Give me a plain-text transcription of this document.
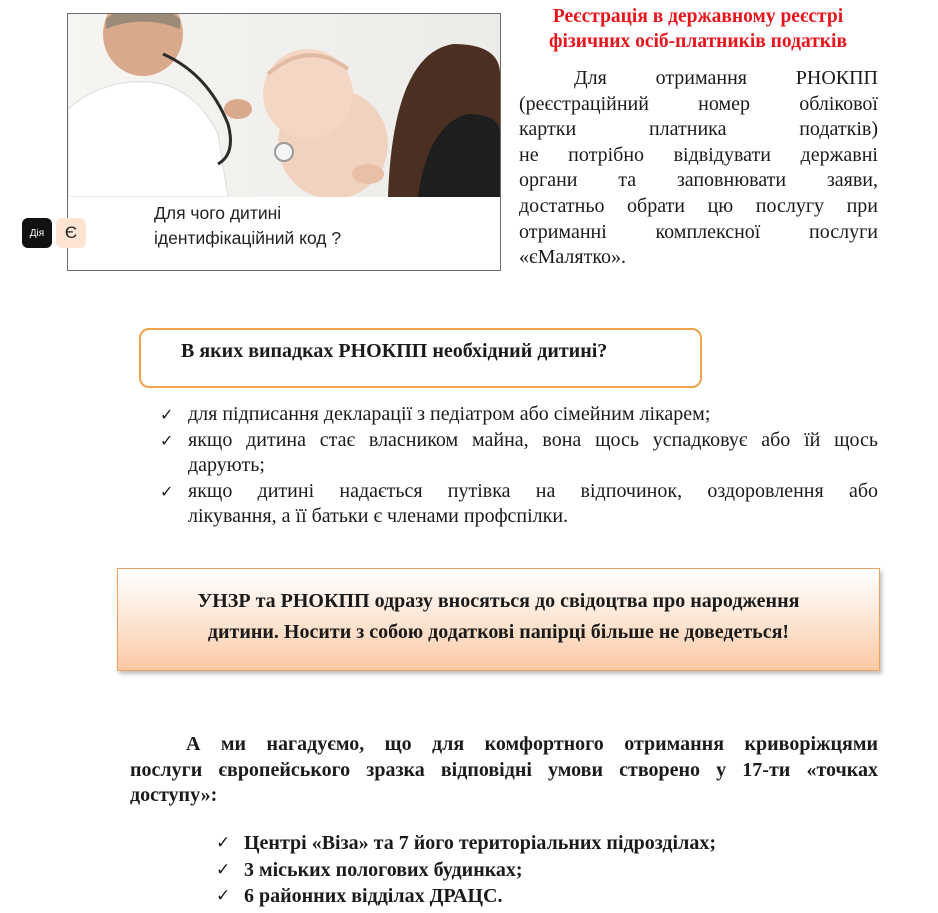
Дія	Є
Для чого дитині
ідентифікаційний код ?
Реєстрація в державному реєстрі
фізичних осіб-платників податків
Для отримання РНОКПП
(реєстраційний номер облікової
картки платника податків)
не потрібно відвідувати державні
органи та заповнювати заяви,
достатньо обрати цю послугу при
отриманні комплексної послуги
«єМалятко».
В яких випадках РНОКПП необхідний дитині?
✓ для підписання декларації з педіатром або сімейним лікарем;
✓ якщо дитина стає власником майна, вона щось успадковує або їй щось
дарують;
✓ якщо дитині надається путівка на відпочинок, оздоровлення або
лікування, а її батьки є членами профспілки.
УНЗР та РНОКПП одразу вносяться до свідоцтва про народження
дитини. Носити з собою додаткові папірці більше не доведеться!
А ми нагадуємо, що для комфортного отримання криворіжцями
послуги європейського зразка відповідні умови створено у 17-ти «точках
доступу»:
✓ Центрі «Віза» та 7 його територіальних підрозділах;
✓ 3 міських пологових будинках;
✓ 6 районних відділах ДРАЦС.
